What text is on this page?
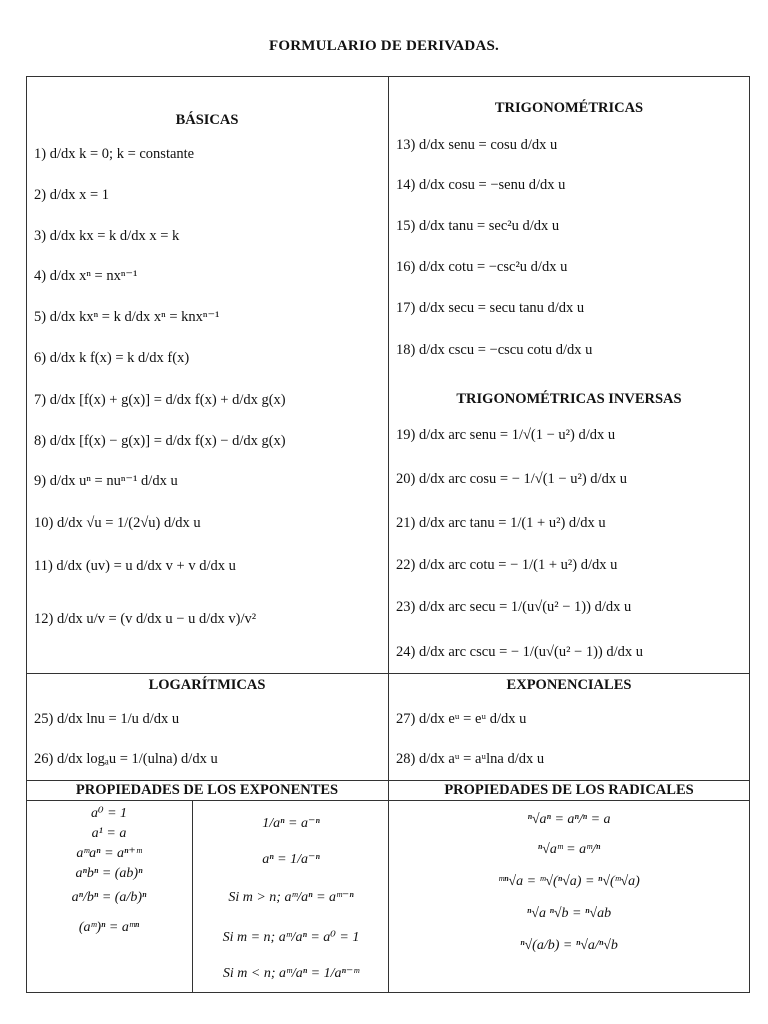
FORMULARIO DE DERIVADAS.
BÁSICAS
TRIGONOMÉTRICAS
TRIGONOMÉTRICAS INVERSAS
LOGARÍTMICAS	EXPONENCIALES
PROPIEDADES DE LOS EXPONENTES	PROPIEDADES DE LOS RADICALES
1) d/dx k = 0; k = constante
2) d/dx x = 1
3) d/dx kx = k d/dx x = k
4) d/dx xⁿ = nxⁿ⁻¹
5) d/dx kxⁿ = k d/dx xⁿ = knxⁿ⁻¹
6) d/dx k f(x) = k d/dx f(x)
7) d/dx [f(x) + g(x)] = d/dx f(x) + d/dx g(x)
8) d/dx [f(x) − g(x)] = d/dx f(x) − d/dx g(x)
9) d/dx uⁿ = nuⁿ⁻¹ d/dx u
10) d/dx √u = 1/(2√u) d/dx u
11) d/dx (uv) = u d/dx v + v d/dx u
12) d/dx u/v = (v d/dx u − u d/dx v)/v²
13) d/dx senu = cosu d/dx u
14) d/dx cosu = −senu d/dx u
15) d/dx tanu = sec²u d/dx u
16) d/dx cotu = −csc²u d/dx u
17) d/dx secu = secu tanu d/dx u
18) d/dx cscu = −cscu cotu d/dx u
19) d/dx arc senu = 1/√(1 − u²) d/dx u
20) d/dx arc cosu = − 1/√(1 − u²) d/dx u
21) d/dx arc tanu = 1/(1 + u²) d/dx u
22) d/dx arc cotu = − 1/(1 + u²) d/dx u
23) d/dx arc secu = 1/(u√(u² − 1)) d/dx u
24) d/dx arc cscu = − 1/(u√(u² − 1)) d/dx u
25) d/dx lnu = 1/u d/dx u
26) d/dx logₐu = 1/(ulna) d/dx u
27) d/dx eᵘ = eᵘ d/dx u
28) d/dx aᵘ = aᵘlna d/dx u
a⁰ = 1
a¹ = a
aᵐaⁿ = aⁿ⁺ᵐ
aⁿbⁿ = (ab)ⁿ
aⁿ/bⁿ = (a/b)ⁿ
(aᵐ)ⁿ = aᵐⁿ
1/aⁿ = a⁻ⁿ
aⁿ = 1/a⁻ⁿ
Si m > n; aᵐ/aⁿ = aᵐ⁻ⁿ
Si m = n; aᵐ/aⁿ = a⁰ = 1
Si m < n; aᵐ/aⁿ = 1/aⁿ⁻ᵐ
ⁿ√aⁿ = aⁿ/ⁿ = a
ⁿ√aᵐ = aᵐ/ⁿ
ᵐⁿ√a = ᵐ√(ⁿ√a) = ⁿ√(ᵐ√a)
ⁿ√a ⁿ√b = ⁿ√ab
ⁿ√(a/b) = ⁿ√a/ⁿ√b
